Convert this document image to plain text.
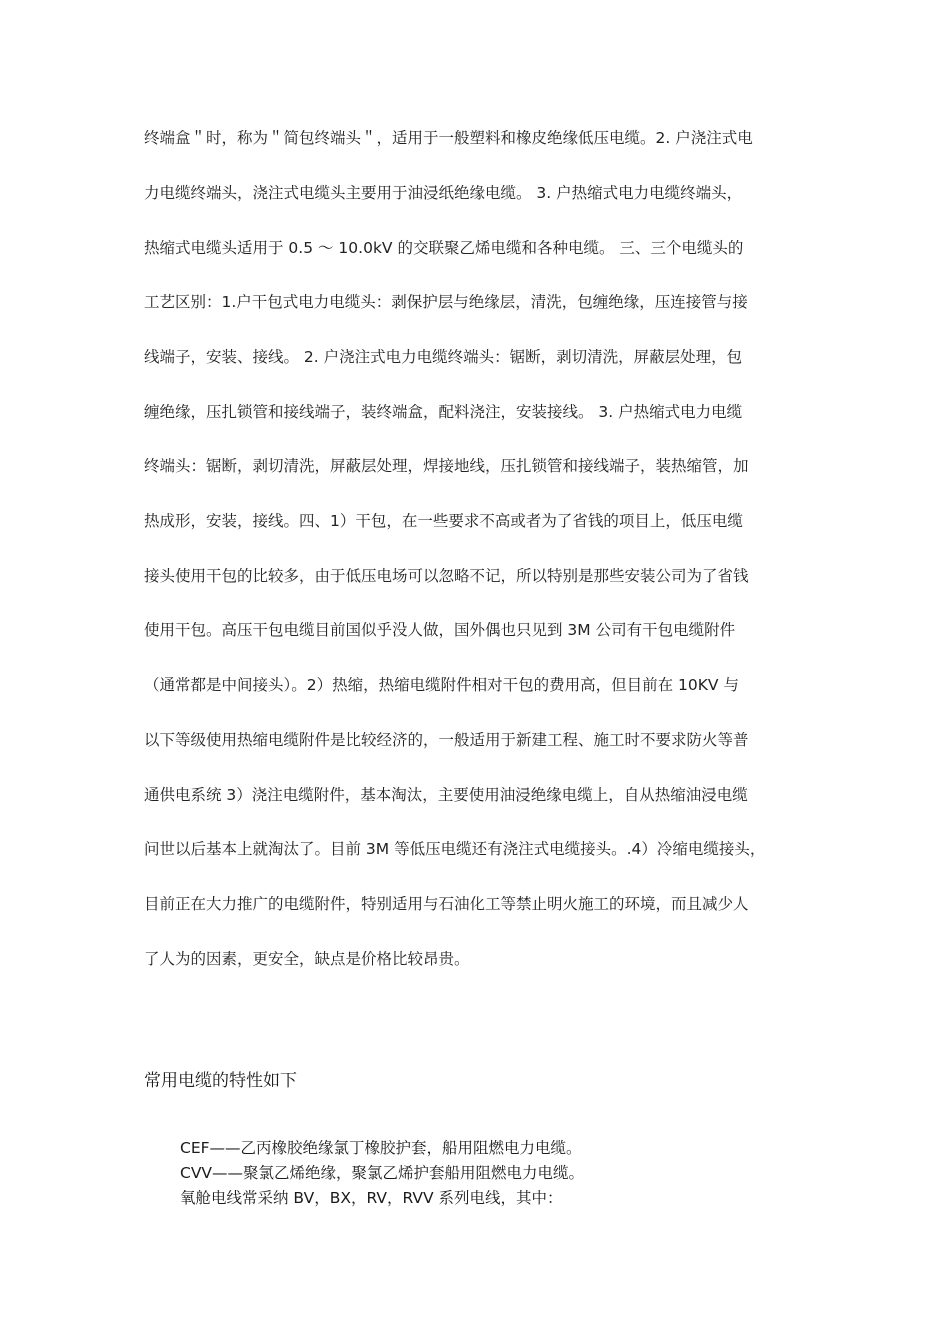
终端盒＂时，称为＂简包终端头＂，适用于一般塑料和橡皮绝缘低压电缆。2. 户浇注式电
力电缆终端头，浇注式电缆头主要用于油浸纸绝缘电缆。 3. 户热缩式电力电缆终端头，
热缩式电缆头适用于 0.5 ～ 10.0kV 的交联聚乙烯电缆和各种电缆。 三、三个电缆头的
工艺区别：1.户干包式电力电缆头：剥保护层与绝缘层，清洗，包缠绝缘，压连接管与接
线端子，安装、接线。 2. 户浇注式电力电缆终端头：锯断，剥切清洗，屏蔽层处理，包
缠绝缘，压扎锁管和接线端子，装终端盒，配料浇注，安装接线。 3. 户热缩式电力电缆
终端头：锯断，剥切清洗，屏蔽层处理，焊接地线，压扎锁管和接线端子，装热缩管，加
热成形，安装，接线。四、1）干包，在一些要求不高或者为了省钱的项目上，低压电缆
接头使用干包的比较多，由于低压电场可以忽略不记，所以特别是那些安装公司为了省钱
使用干包。高压干包电缆目前国似乎没人做，国外偶也只见到 3M 公司有干包电缆附件
（通常都是中间接头）。2）热缩，热缩电缆附件相对干包的费用高，但目前在 10KV 与
以下等级使用热缩电缆附件是比较经济的，一般适用于新建工程、施工时不要求防火等普
通供电系统 3）浇注电缆附件，基本淘汰，主要使用油浸绝缘电缆上，自从热缩油浸电缆
问世以后基本上就淘汰了。目前 3M 等低压电缆还有浇注式电缆接头。.4）冷缩电缆接头，
目前正在大力推广的电缆附件，特别适用与石油化工等禁止明火施工的环境，而且减少人
了人为的因素，更安全，缺点是价格比较昂贵。
常用电缆的特性如下
CEF——乙丙橡胶绝缘氯丁橡胶护套，船用阻燃电力电缆。
CVV——聚氯乙烯绝缘，聚氯乙烯护套船用阻燃电力电缆。
氧舱电线常采纳 BV，BX，RV，RVV 系列电线，其中：
